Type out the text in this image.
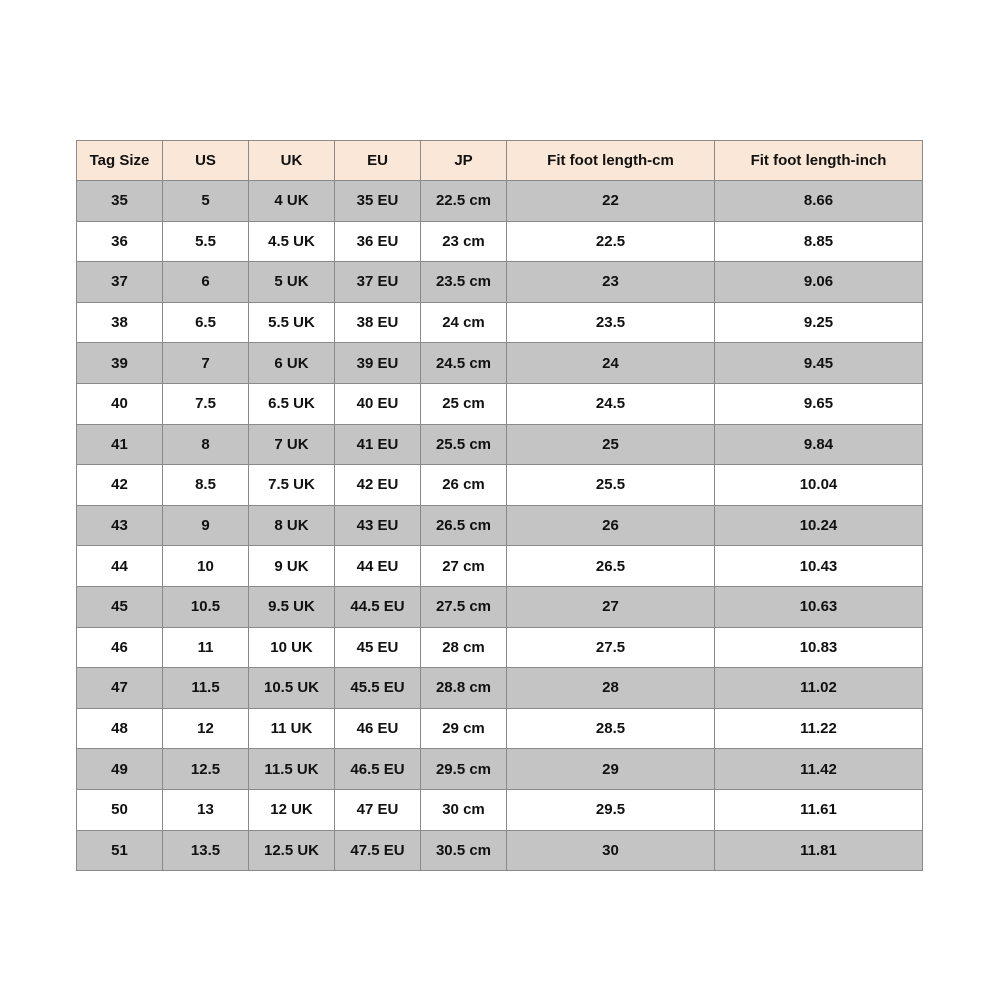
Tag Size	US	UK	EU	JP	Fit foot length-cm	Fit foot length-inch
35	5	4 UK	35 EU	22.5 cm	22	8.66
36	5.5	4.5 UK	36 EU	23 cm	22.5	8.85
37	6	5 UK	37 EU	23.5 cm	23	9.06
38	6.5	5.5 UK	38 EU	24 cm	23.5	9.25
39	7	6 UK	39 EU	24.5 cm	24	9.45
40	7.5	6.5 UK	40 EU	25 cm	24.5	9.65
41	8	7 UK	41 EU	25.5 cm	25	9.84
42	8.5	7.5 UK	42 EU	26 cm	25.5	10.04
43	9	8 UK	43 EU	26.5 cm	26	10.24
44	10	9 UK	44 EU	27 cm	26.5	10.43
45	10.5	9.5 UK	44.5 EU	27.5 cm	27	10.63
46	11	10 UK	45 EU	28 cm	27.5	10.83
47	11.5	10.5 UK	45.5 EU	28.8 cm	28	11.02
48	12	11 UK	46 EU	29 cm	28.5	11.22
49	12.5	11.5 UK	46.5 EU	29.5 cm	29	11.42
50	13	12 UK	47 EU	30 cm	29.5	11.61
51	13.5	12.5 UK	47.5 EU	30.5 cm	30	11.81
